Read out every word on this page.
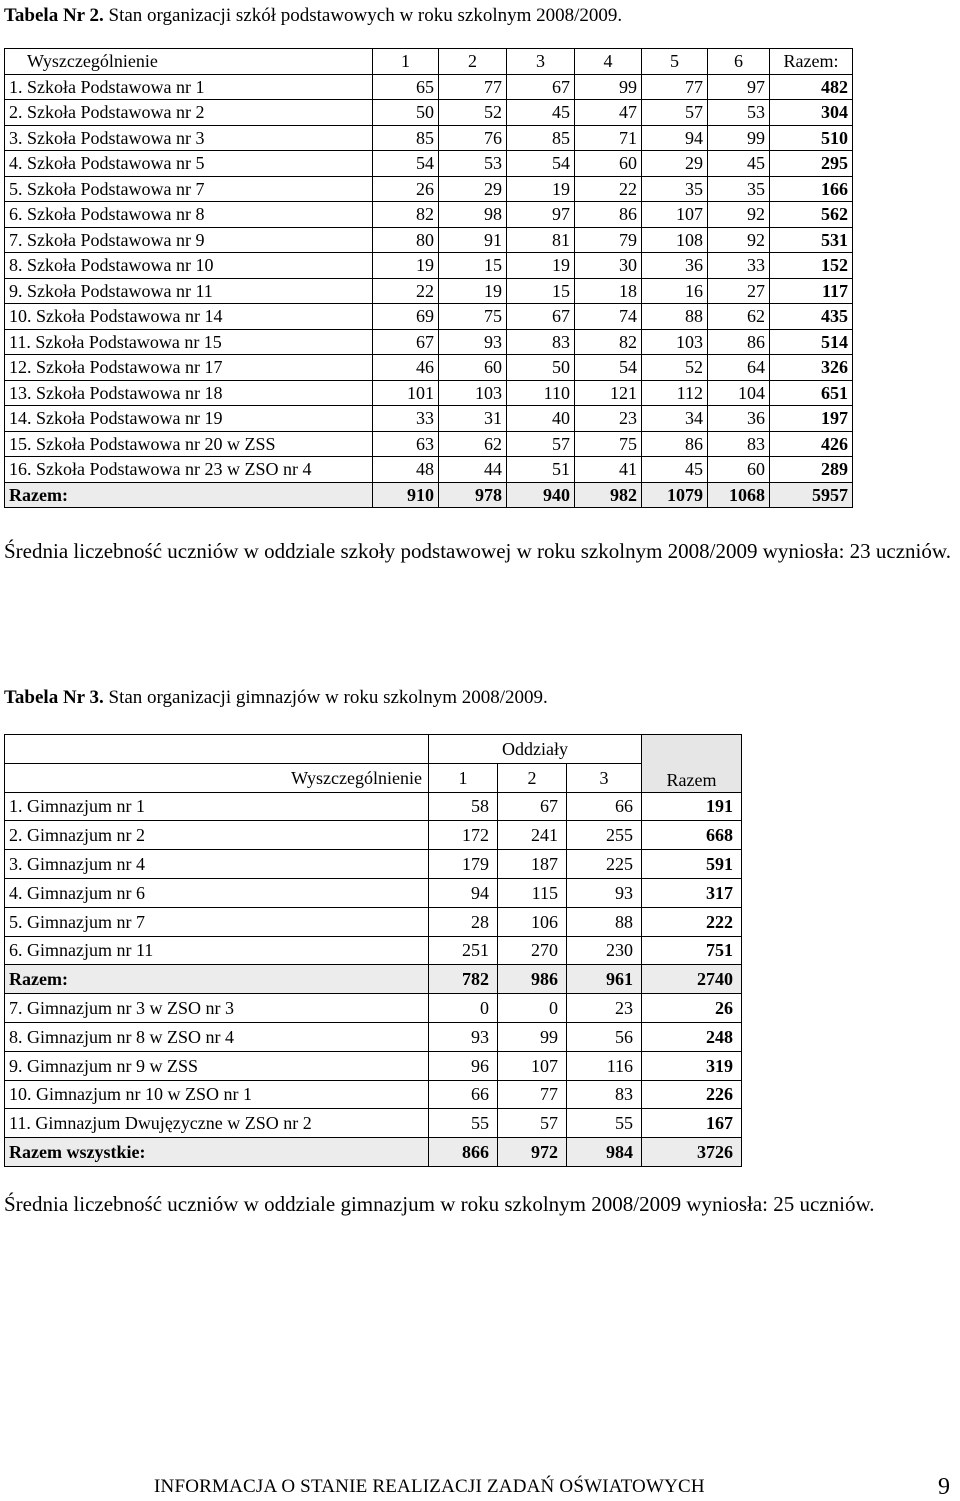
Tabela Nr 2. Stan organizacji szkół podstawowych w roku szkolnym 2008/2009.
Wyszczególnienie	1	2	3	4	5	6	Razem:
1. Szkoła Podstawowa nr 1	65	77	67	99	77	97	482
2. Szkoła Podstawowa nr 2	50	52	45	47	57	53	304
3. Szkoła Podstawowa nr 3	85	76	85	71	94	99	510
4. Szkoła Podstawowa nr 5	54	53	54	60	29	45	295
5. Szkoła Podstawowa nr 7	26	29	19	22	35	35	166
6. Szkoła Podstawowa nr 8	82	98	97	86	107	92	562
7. Szkoła Podstawowa nr 9	80	91	81	79	108	92	531
8. Szkoła Podstawowa nr 10	19	15	19	30	36	33	152
9. Szkoła Podstawowa nr 11	22	19	15	18	16	27	117
10. Szkoła Podstawowa nr 14	69	75	67	74	88	62	435
11. Szkoła Podstawowa nr 15	67	93	83	82	103	86	514
12. Szkoła Podstawowa nr 17	46	60	50	54	52	64	326
13. Szkoła Podstawowa nr 18	101	103	110	121	112	104	651
14. Szkoła Podstawowa nr 19	33	31	40	23	34	36	197
15. Szkoła Podstawowa nr 20 w ZSS	63	62	57	75	86	83	426
16. Szkoła Podstawowa nr 23 w ZSO nr 4	48	44	51	41	45	60	289
Razem:	910	978	940	982	1079	1068	5957
Średnia liczebność uczniów w oddziale szkoły podstawowej w roku szkolnym 2008/2009 wyniosła: 23 uczniów.
Tabela Nr 3. Stan organizacji gimnazjów w roku szkolnym 2008/2009.
	Oddziały			Razem
Wyszczególnienie	1	2	3	
1. Gimnazjum nr 1	58	67	66	191
2. Gimnazjum nr 2	172	241	255	668
3. Gimnazjum nr 4	179	187	225	591
4. Gimnazjum nr 6	94	115	93	317
5. Gimnazjum nr 7	28	106	88	222
6. Gimnazjum nr 11	251	270	230	751
Razem:	782	986	961	2740
7. Gimnazjum nr 3 w ZSO nr 3	0	0	23	26
8. Gimnazjum nr 8 w ZSO nr 4	93	99	56	248
9. Gimnazjum nr 9 w ZSS	96	107	116	319
10. Gimnazjum nr 10 w ZSO nr 1	66	77	83	226
11. Gimnazjum Dwujęzyczne w ZSO nr 2	55	57	55	167
Razem wszystkie:	866	972	984	3726
Średnia liczebność uczniów w oddziale gimnazjum w roku szkolnym 2008/2009 wyniosła: 25 uczniów.
INFORMACJA O STANIE REALIZACJI ZADAŃ OŚWIATOWYCH	9
